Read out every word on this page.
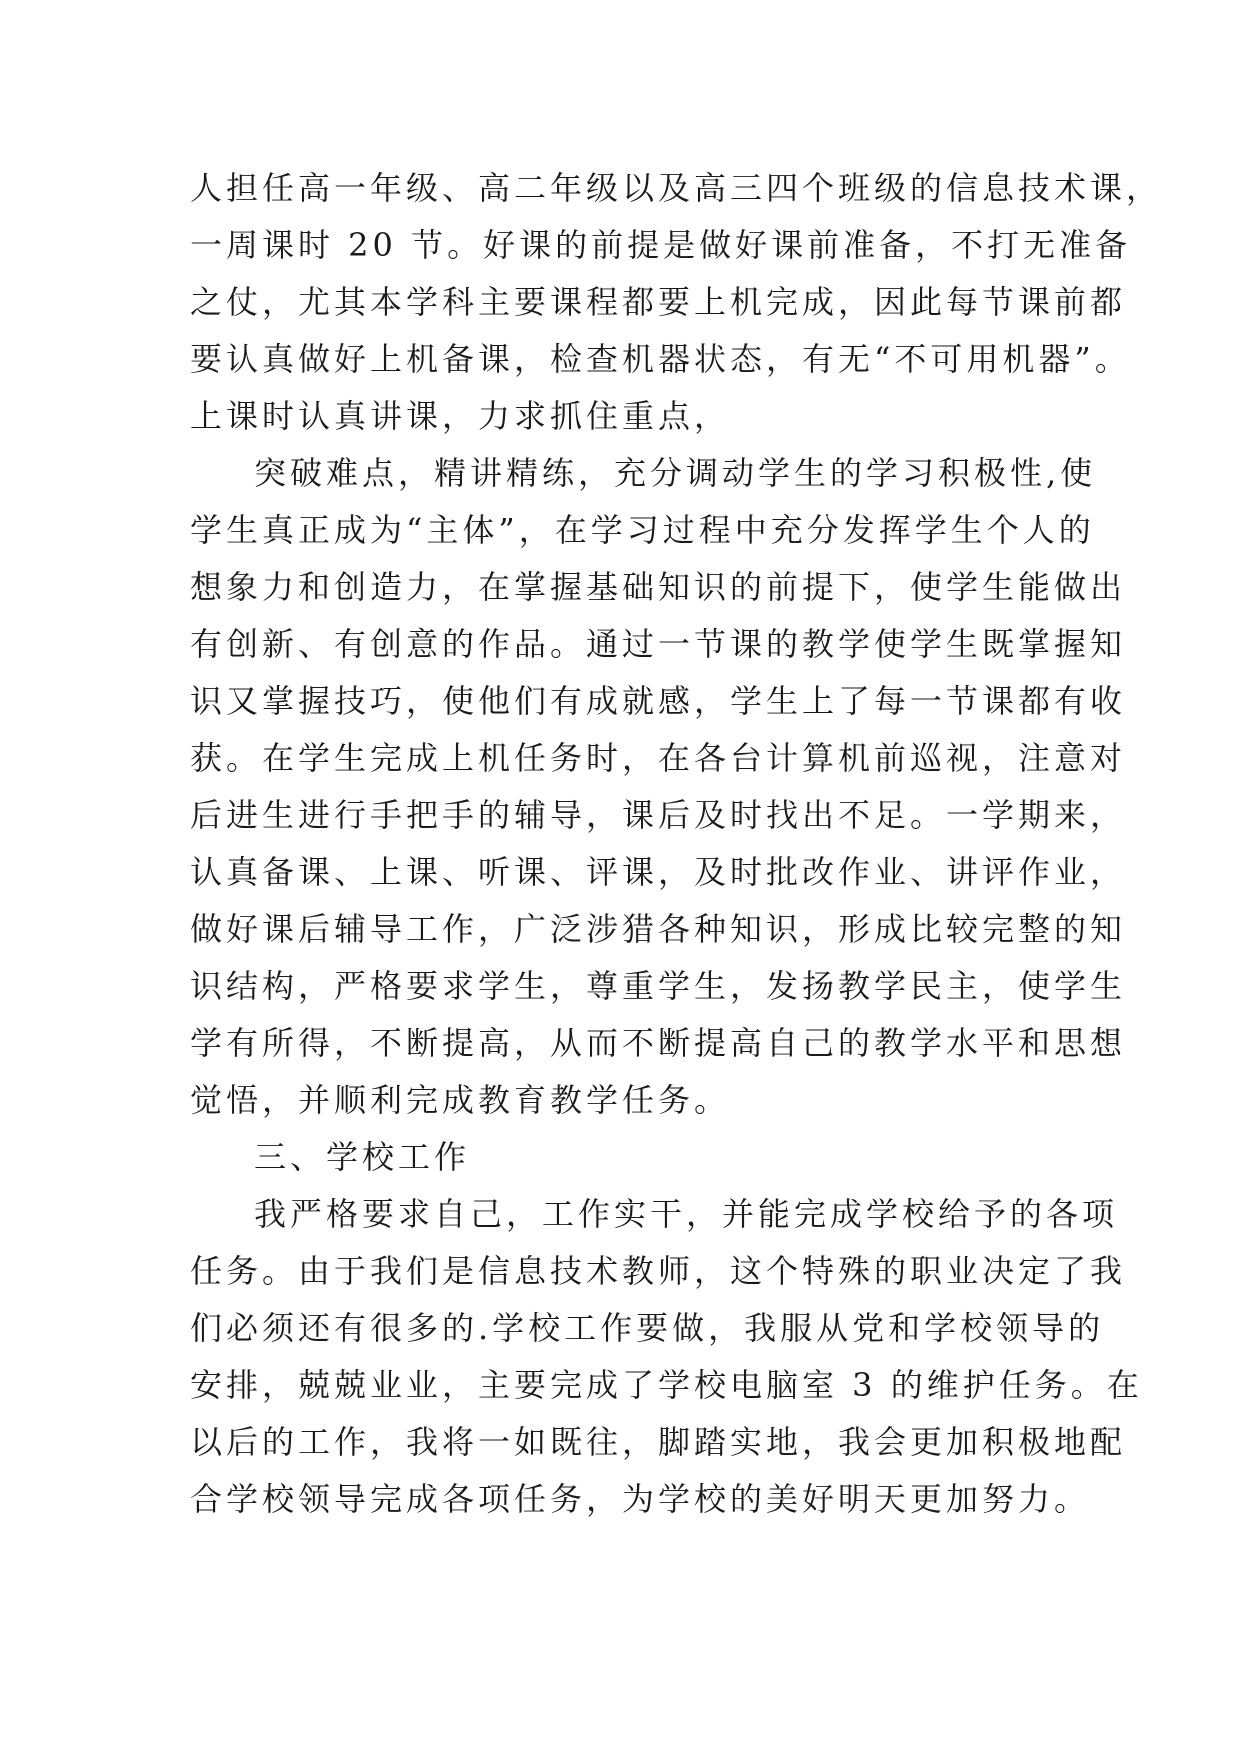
人担任高一年级、高二年级以及高三四个班级的信息技术课，
一周课时 20 节。好课的前提是做好课前准备，不打无准备
之仗，尤其本学科主要课程都要上机完成，因此每节课前都
要认真做好上机备课，检查机器状态，有无“不可用机器”。
上课时认真讲课，力求抓住重点，
突破难点，精讲精练，充分调动学生的学习积极性,使
学生真正成为“主体”，在学习过程中充分发挥学生个人的
想象力和创造力，在掌握基础知识的前提下，使学生能做出
有创新、有创意的作品。通过一节课的教学使学生既掌握知
识又掌握技巧，使他们有成就感，学生上了每一节课都有收
获。在学生完成上机任务时，在各台计算机前巡视，注意对
后进生进行手把手的辅导，课后及时找出不足。一学期来，
认真备课、上课、听课、评课，及时批改作业、讲评作业，
做好课后辅导工作，广泛涉猎各种知识，形成比较完整的知
识结构，严格要求学生，尊重学生，发扬教学民主，使学生
学有所得，不断提高，从而不断提高自己的教学水平和思想
觉悟，并顺利完成教育教学任务。
三、学校工作
我严格要求自己，工作实干，并能完成学校给予的各项
任务。由于我们是信息技术教师，这个特殊的职业决定了我
们必须还有很多的.学校工作要做，我服从党和学校领导的
安排，兢兢业业，主要完成了学校电脑室 3 的维护任务。在
以后的工作，我将一如既往，脚踏实地，我会更加积极地配
合学校领导完成各项任务，为学校的美好明天更加努力。
